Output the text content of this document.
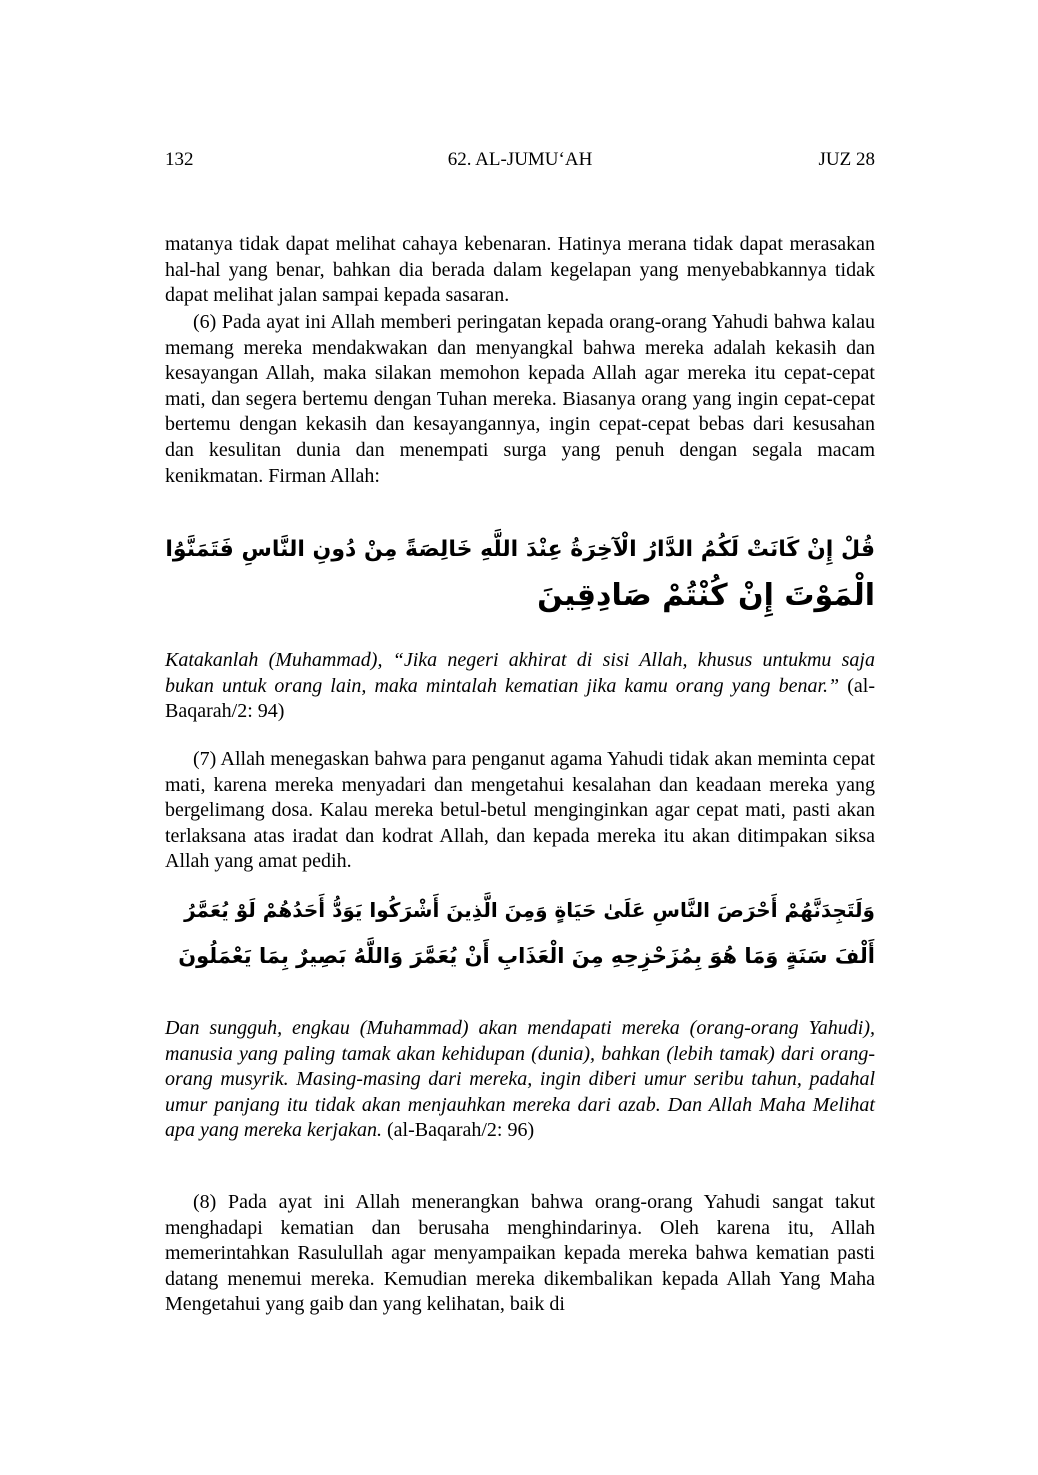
132	62. AL-JUMU‘AH	JUZ 28

matanya tidak dapat melihat cahaya kebenaran. Hatinya merana tidak dapat merasakan hal-hal yang benar, bahkan dia berada dalam kegelapan yang menyebabkannya tidak dapat melihat jalan sampai kepada sasaran.

(6) Pada ayat ini Allah memberi peringatan kepada orang-orang Yahudi bahwa kalau memang mereka mendakwakan dan menyangkal bahwa mereka adalah kekasih dan kesayangan Allah, maka silakan memohon kepada Allah agar mereka itu cepat-cepat mati, dan segera bertemu dengan Tuhan mereka. Biasanya orang yang ingin cepat-cepat bertemu dengan kekasih dan kesayangannya, ingin cepat-cepat bebas dari kesusahan dan kesulitan dunia dan menempati surga yang penuh dengan segala macam kenikmatan. Firman Allah:

قُلْ إِنْ كَانَتْ لَكُمُ الدَّارُ الْآخِرَةُ عِنْدَ اللَّهِ خَالِصَةً مِنْ دُونِ النَّاسِ فَتَمَنَّوُا
الْمَوْتَ إِنْ كُنْتُمْ صَادِقِينَ

Katakanlah (Muhammad), “Jika negeri akhirat di sisi Allah, khusus untukmu saja bukan untuk orang lain, maka mintalah kematian jika kamu orang yang benar.” (al-Baqarah/2: 94)

(7) Allah menegaskan bahwa para penganut agama Yahudi tidak akan meminta cepat mati, karena mereka menyadari dan mengetahui kesalahan dan keadaan mereka yang bergelimang dosa. Kalau mereka betul-betul menginginkan agar cepat mati, pasti akan terlaksana atas iradat dan kodrat Allah, dan kepada mereka itu akan ditimpakan siksa Allah yang amat pedih.

وَلَتَجِدَنَّهُمْ أَحْرَصَ النَّاسِ عَلَىٰ حَيَاةٍ وَمِنَ الَّذِينَ أَشْرَكُوا يَوَدُّ أَحَدُهُمْ لَوْ يُعَمَّرُ
أَلْفَ سَنَةٍ وَمَا هُوَ بِمُزَحْزِحِهِ مِنَ الْعَذَابِ أَنْ يُعَمَّرَ وَاللَّهُ بَصِيرٌ بِمَا يَعْمَلُونَ

Dan sungguh, engkau (Muhammad) akan mendapati mereka (orang-orang Yahudi), manusia yang paling tamak akan kehidupan (dunia), bahkan (lebih tamak) dari orang-orang musyrik. Masing-masing dari mereka, ingin diberi umur seribu tahun, padahal umur panjang itu tidak akan menjauhkan mereka dari azab. Dan Allah Maha Melihat apa yang mereka kerjakan. (al-Baqarah/2: 96)

(8) Pada ayat ini Allah menerangkan bahwa orang-orang Yahudi sangat takut menghadapi kematian dan berusaha menghindarinya. Oleh karena itu, Allah memerintahkan Rasulullah agar menyampaikan kepada mereka bahwa kematian pasti datang menemui mereka. Kemudian mereka dikembalikan kepada Allah Yang Maha Mengetahui yang gaib dan yang kelihatan, baik di
